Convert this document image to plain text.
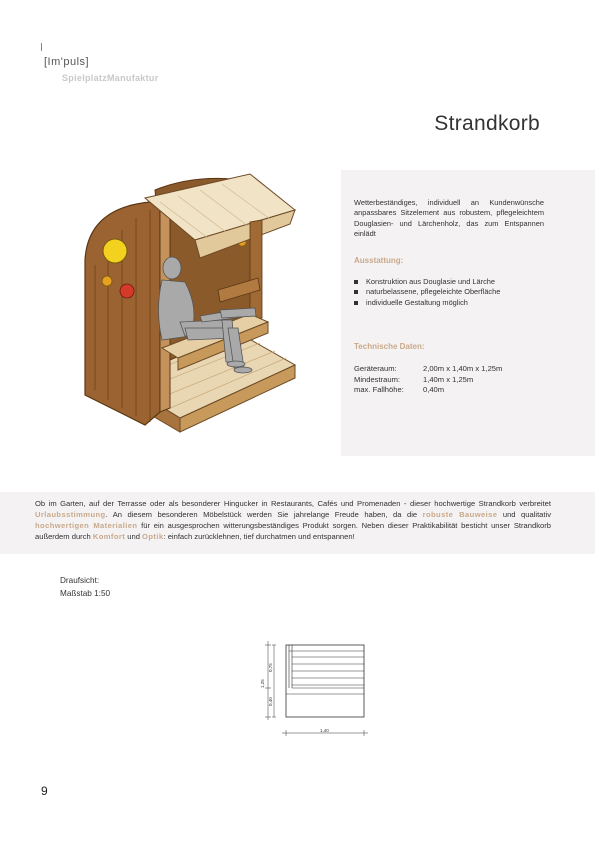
[Im'puls]
SpielplatzManufaktur
Strandkorb
Wetterbeständiges, individuell an Kundenwünsche anpassbares Sitzelement aus robustem, pflegeleichtem Douglasien- und Lärchenholz, das zum Entspannen einlädt
Ausstattung:
Konstruktion aus Douglasie und Lärche
naturbelassene, pflegeleichte Oberfläche
individuelle Gestaltung möglich
Technische Daten:
Geräteraum:	2,00m x 1,40m x 1,25m
Mindestraum:	1,40m x 1,25m
max. Fallhöhe:	0,40m

Ob im Garten, auf der Terrasse oder als besonderer Hingucker in Restaurants, Cafés und Promenaden - dieser hochwertige Strandkorb verbreitet Urlaubsstimmung. An diesem besonderen Möbelstück werden Sie jahrelange Freude haben, da die robuste Bauweise und qualitativ hochwertigen Materialien für ein ausgesprochen witterungsbeständiges Produkt sorgen. Neben dieser Praktikabilität besticht unser Strandkorb außerdem durch Komfort und Optik: einfach zurücklehnen, tief durchatmen und entspannen!

Draufsicht:
Maßstab 1:50
0,75
0,40
1,25
1,40
9
